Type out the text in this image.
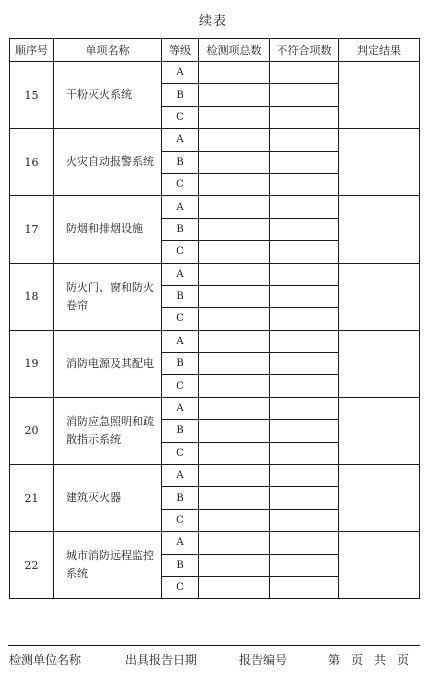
续表
顺序号	单项名称	等级	检测项总数	不符合项数	判定结果
15	干粉灭火系统	A			
		B			
		C			
16	火灾自动报警系统	A			
		B			
		C			
17	防烟和排烟设施	A			
		B			
		C			
18	防火门、窗和防火卷帘	A			
		B			
		C			
19	消防电源及其配电	A			
		B			
		C			
20	消防应急照明和疏散指示系统	A			
		B			
		C			
21	建筑灭火器	A			
		B			
		C			
22	城市消防远程监控系统	A			
		B			
		C			
检测单位名称	出具报告日期	报告编号	第 页 共 页
